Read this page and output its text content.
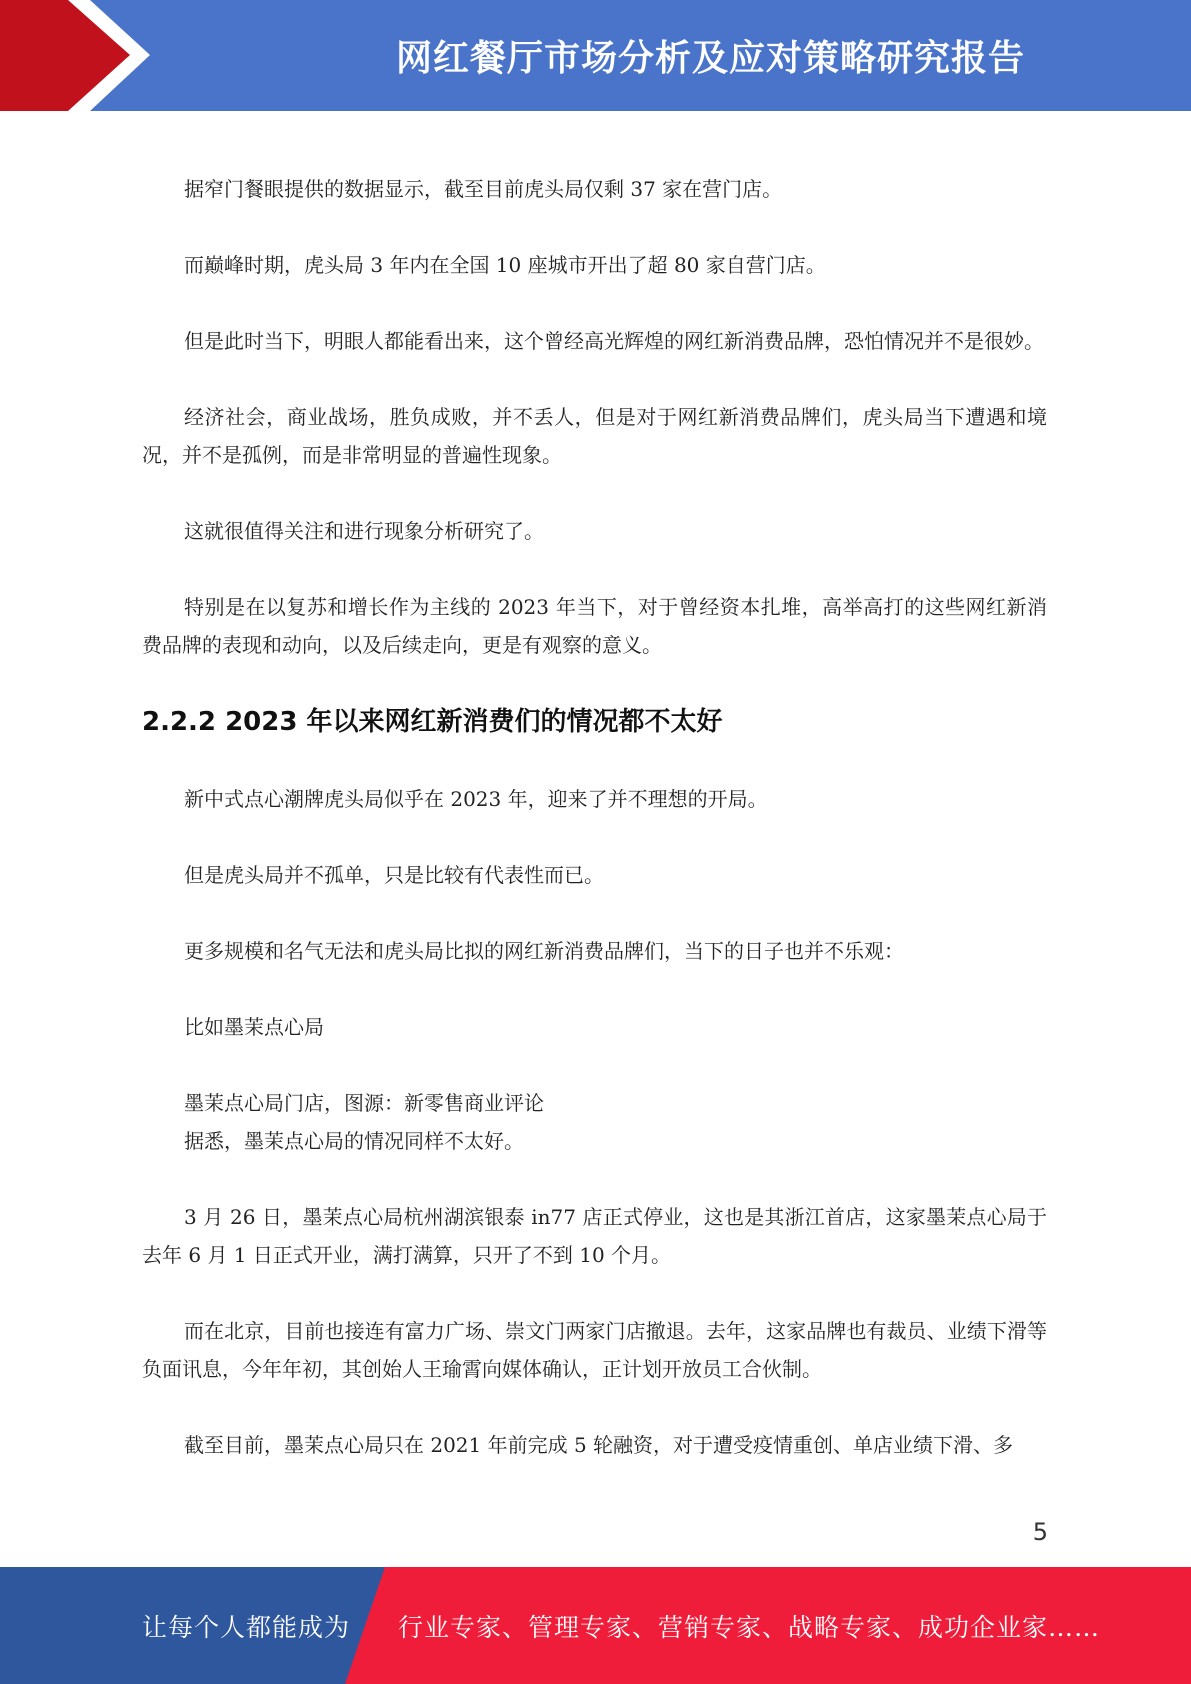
网红餐厅市场分析及应对策略研究报告

据窄门餐眼提供的数据显示，截至目前虎头局仅剩 37 家在营门店。

而巅峰时期，虎头局 3 年内在全国 10 座城市开出了超 80 家自营门店。

但是此时当下，明眼人都能看出来，这个曾经高光辉煌的网红新消费品牌，恐怕情况并不是很妙。

经济社会，商业战场，胜负成败，并不丢人，但是对于网红新消费品牌们，虎头局当下遭遇和境况，并不是孤例，而是非常明显的普遍性现象。

这就很值得关注和进行现象分析研究了。

特别是在以复苏和增长作为主线的 2023 年当下，对于曾经资本扎堆，高举高打的这些网红新消费品牌的表现和动向，以及后续走向，更是有观察的意义。

2.2.2 2023 年以来网红新消费们的情况都不太好

新中式点心潮牌虎头局似乎在 2023 年，迎来了并不理想的开局。

但是虎头局并不孤单，只是比较有代表性而已。

更多规模和名气无法和虎头局比拟的网红新消费品牌们，当下的日子也并不乐观：

比如墨茉点心局

墨茉点心局门店，图源：新零售商业评论

据悉，墨茉点心局的情况同样不太好。

3 月 26 日，墨茉点心局杭州湖滨银泰 in77 店正式停业，这也是其浙江首店，这家墨茉点心局于去年 6 月 1 日正式开业，满打满算，只开了不到 10 个月。

而在北京，目前也接连有富力广场、崇文门两家门店撤退。去年，这家品牌也有裁员、业绩下滑等负面讯息，今年年初，其创始人王瑜霄向媒体确认，正计划开放员工合伙制。

截至目前，墨茉点心局只在 2021 年前完成 5 轮融资，对于遭受疫情重创、单店业绩下滑、多

5
让每个人都能成为 行业专家、管理专家、营销专家、战略专家、成功企业家……
